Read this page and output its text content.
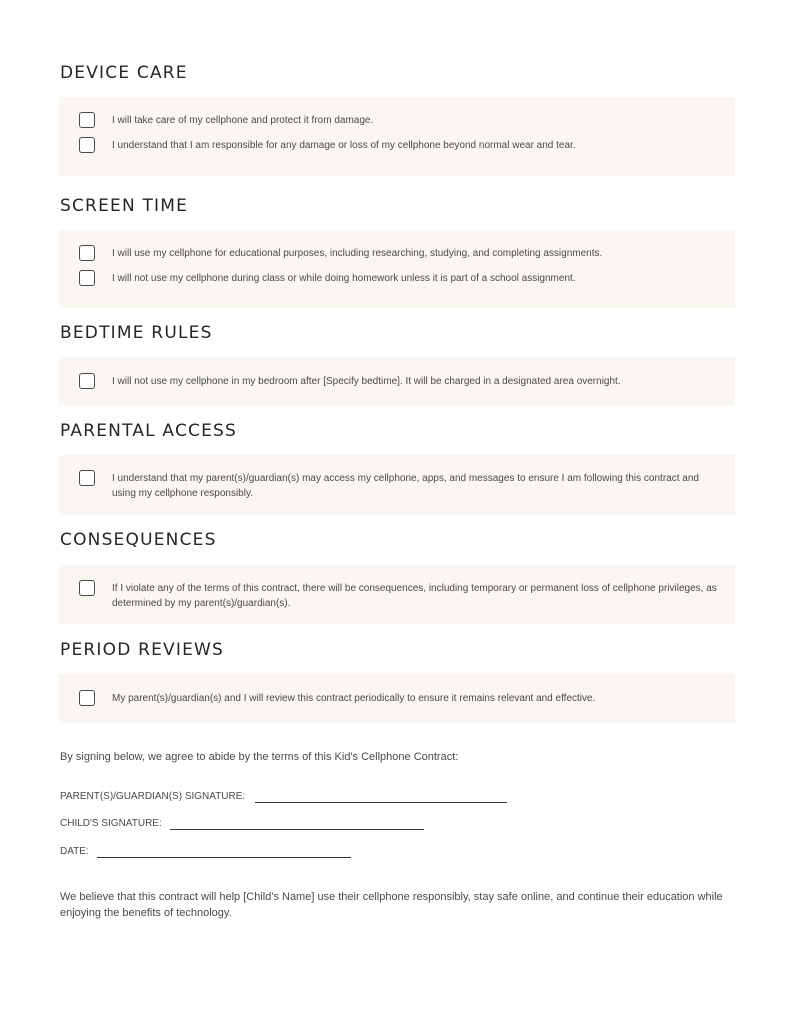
DEVICE CARE
I will take care of my cellphone and protect it from damage.
I understand that I am responsible for any damage or loss of my cellphone beyond normal wear and tear.
SCREEN TIME
I will use my cellphone for educational purposes, including researching, studying, and completing assignments.
I will not use my cellphone during class or while doing homework unless it is part of a school assignment.
BEDTIME RULES
I will not use my cellphone in my bedroom after [Specify bedtime]. It will be charged in a designated area overnight.
PARENTAL ACCESS
I understand that my parent(s)/guardian(s) may access my cellphone, apps, and messages to ensure I am following this contract and using my cellphone responsibly.
CONSEQUENCES
If I violate any of the terms of this contract, there will be consequences, including temporary or permanent loss of cellphone privileges, as determined by my parent(s)/guardian(s).
PERIOD REVIEWS
My parent(s)/guardian(s) and I will review this contract periodically to ensure it remains relevant and effective.

By signing below, we agree to abide by the terms of this Kid's Cellphone Contract:

PARENT(S)/GUARDIAN(S) SIGNATURE:
CHILD'S SIGNATURE:
DATE:

We believe that this contract will help [Child's Name] use their cellphone responsibly, stay safe online, and continue their education while enjoying the benefits of technology.
